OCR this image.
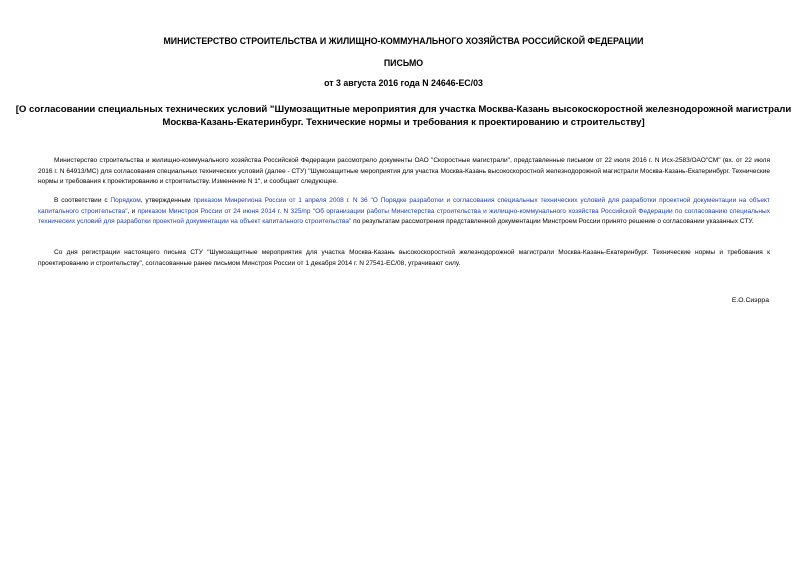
МИНИСТЕРСТВО СТРОИТЕЛЬСТВА И ЖИЛИЩНО-КОММУНАЛЬНОГО ХОЗЯЙСТВА РОССИЙСКОЙ ФЕДЕРАЦИИ
ПИСЬМО
от 3 августа 2016 года N 24646-ЕС/03
[О согласовании специальных технических условий "Шумозащитные мероприятия для участка Москва-Казань высокоскоростной железнодорожной магистрали
Москва-Казань-Екатеринбург. Технические нормы и требования к проектированию и строительству]

Министерство строительства и жилищно-коммунального хозяйства Российской Федерации рассмотрело документы ОАО "Скоростные магистрали", представленные письмом от 22 июля 2016 г. N Исх-2583/ОАО"СМ" (вх. от 22 июля 2016 г. N 64913/МС) для согласования специальных технических условий (далее - СТУ) "Шумозащитные мероприятия для участка Москва-Казань высокоскоростной железнодорожной магистрали Москва-Казань-Екатеринбург. Технические нормы и требования к проектированию и строительству. Изменение N 1", и сообщает следующее.

В соответствии с Порядком, утвержденным приказом Минрегиона России от 1 апреля 2008 г. N 36 "О Порядке разработки и согласования специальных технических условий для разработки проектной документации на объект капитального строительства", и приказом Минстроя России от 24 июня 2014 г. N 325/пр "Об организации работы Министерства строительства и жилищно-коммунального хозяйства Российской Федерации по согласованию специальных технических условий для разработки проектной документации на объект капитального строительства" по результатам рассмотрения представленной документации Минстроем России принято решение о согласовании указанных СТУ.

Со дня регистрации настоящего письма СТУ "Шумозащитные мероприятия для участка Москва-Казань высокоскоростной железнодорожной магистрали Москва-Казань-Екатеринбург. Технические нормы и требования к проектированию и строительству", согласованные ранее письмом Минстроя России от 1 декабря 2014 г. N 27541-ЕС/08, утрачивают силу.

Е.О.Сиэрра
